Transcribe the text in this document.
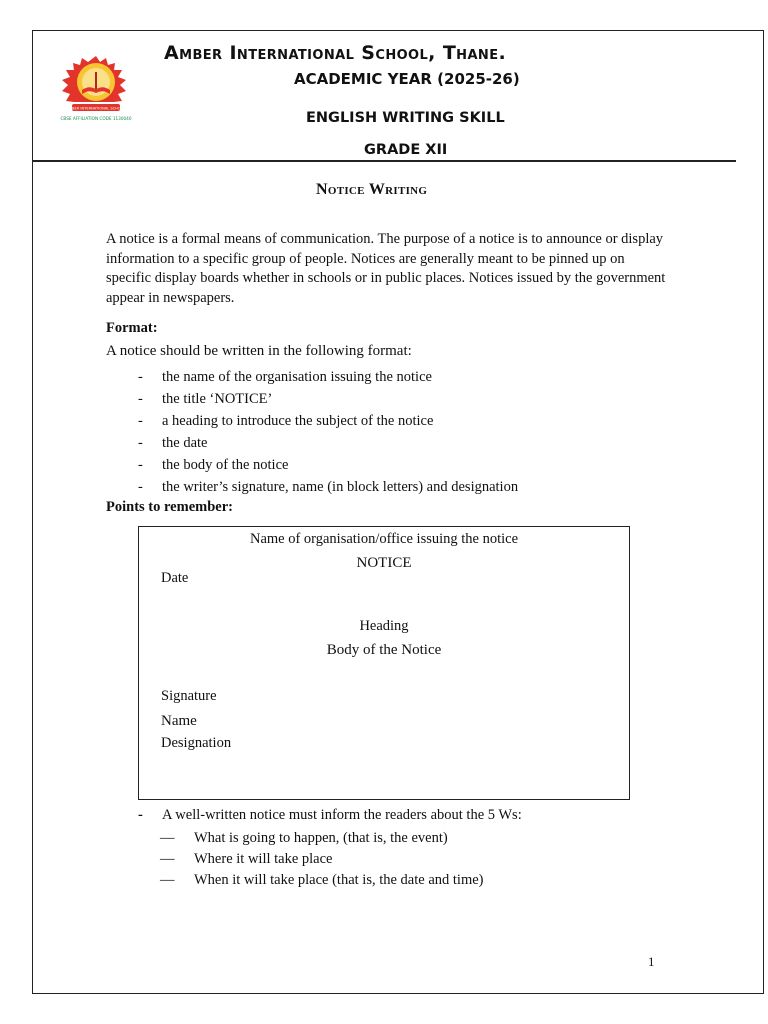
AMBER INTERNATIONAL SCHOOL
CBSE AFFILIATION CODE 1130040
Amber International School, Thane.
ACADEMIC YEAR (2025-26)
ENGLISH WRITING SKILL
GRADE XII
Notice Writing

A notice is a formal means of communication. The purpose of a notice is to announce or display information to a specific group of people. Notices are generally meant to be pinned up on specific display boards whether in schools or in public places. Notices issued by the government appear in newspapers.

Format:
A notice should be written in the following format:
- the name of the organisation issuing the notice
- the title ‘NOTICE’
- a heading to introduce the subject of the notice
- the date
- the body of the notice
- the writer’s signature, name (in block letters) and designation
Points to remember:
Name of organisation/office issuing the notice
NOTICE
Date
Heading
Body of the Notice
Signature
Name
Designation
- A well-written notice must inform the readers about the 5 Ws:
— What is going to happen, (that is, the event)
— Where it will take place
— When it will take place (that is, the date and time)
1
